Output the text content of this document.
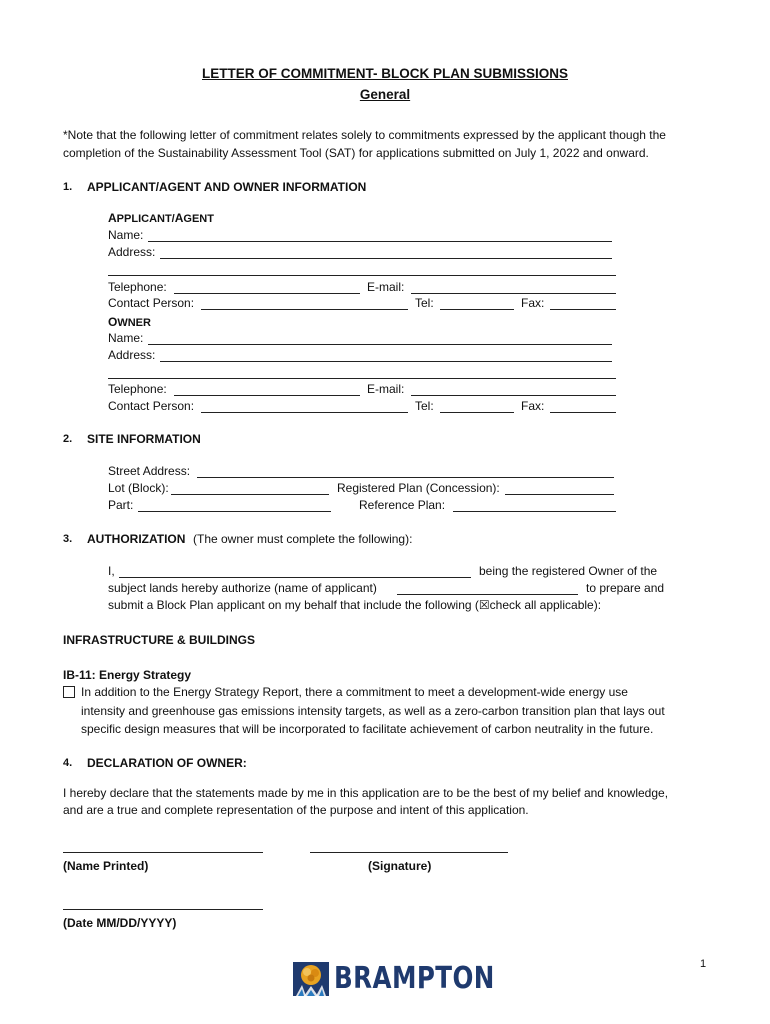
LETTER OF COMMITMENT- BLOCK PLAN SUBMISSIONS
General
*Note that the following letter of commitment relates solely to commitments expressed by the applicant though the
completion of the Sustainability Assessment Tool (SAT) for applications submitted on July 1, 2022 and onward.
1. APPLICANT/AGENT AND OWNER INFORMATION
APPLICANT/AGENT
Name:
Address:
Telephone:	E-mail:
Contact Person:	Tel:	Fax:
OWNER
Name:
Address:
Telephone:	E-mail:
Contact Person:	Tel:	Fax:
2. SITE INFORMATION
Street Address:
Lot (Block):	Registered Plan (Concession):
Part:	Reference Plan:
3. AUTHORIZATION (The owner must complete the following):
I,	being the registered Owner of the
subject lands hereby authorize (name of applicant)	to prepare and
submit a Block Plan applicant on my behalf that include the following (☒check all applicable):
INFRASTRUCTURE & BUILDINGS
IB-11: Energy Strategy
In addition to the Energy Strategy Report, there a commitment to meet a development-wide energy use
intensity and greenhouse gas emissions intensity targets, as well as a zero-carbon transition plan that lays out
specific design measures that will be incorporated to facilitate achievement of carbon neutrality in the future.
4. DECLARATION OF OWNER:
I hereby declare that the statements made by me in this application are to be the best of my belief and knowledge,
and are a true and complete representation of the purpose and intent of this application.
(Name Printed)	(Signature)
(Date MM/DD/YYYY)
1
BRAMPTON
